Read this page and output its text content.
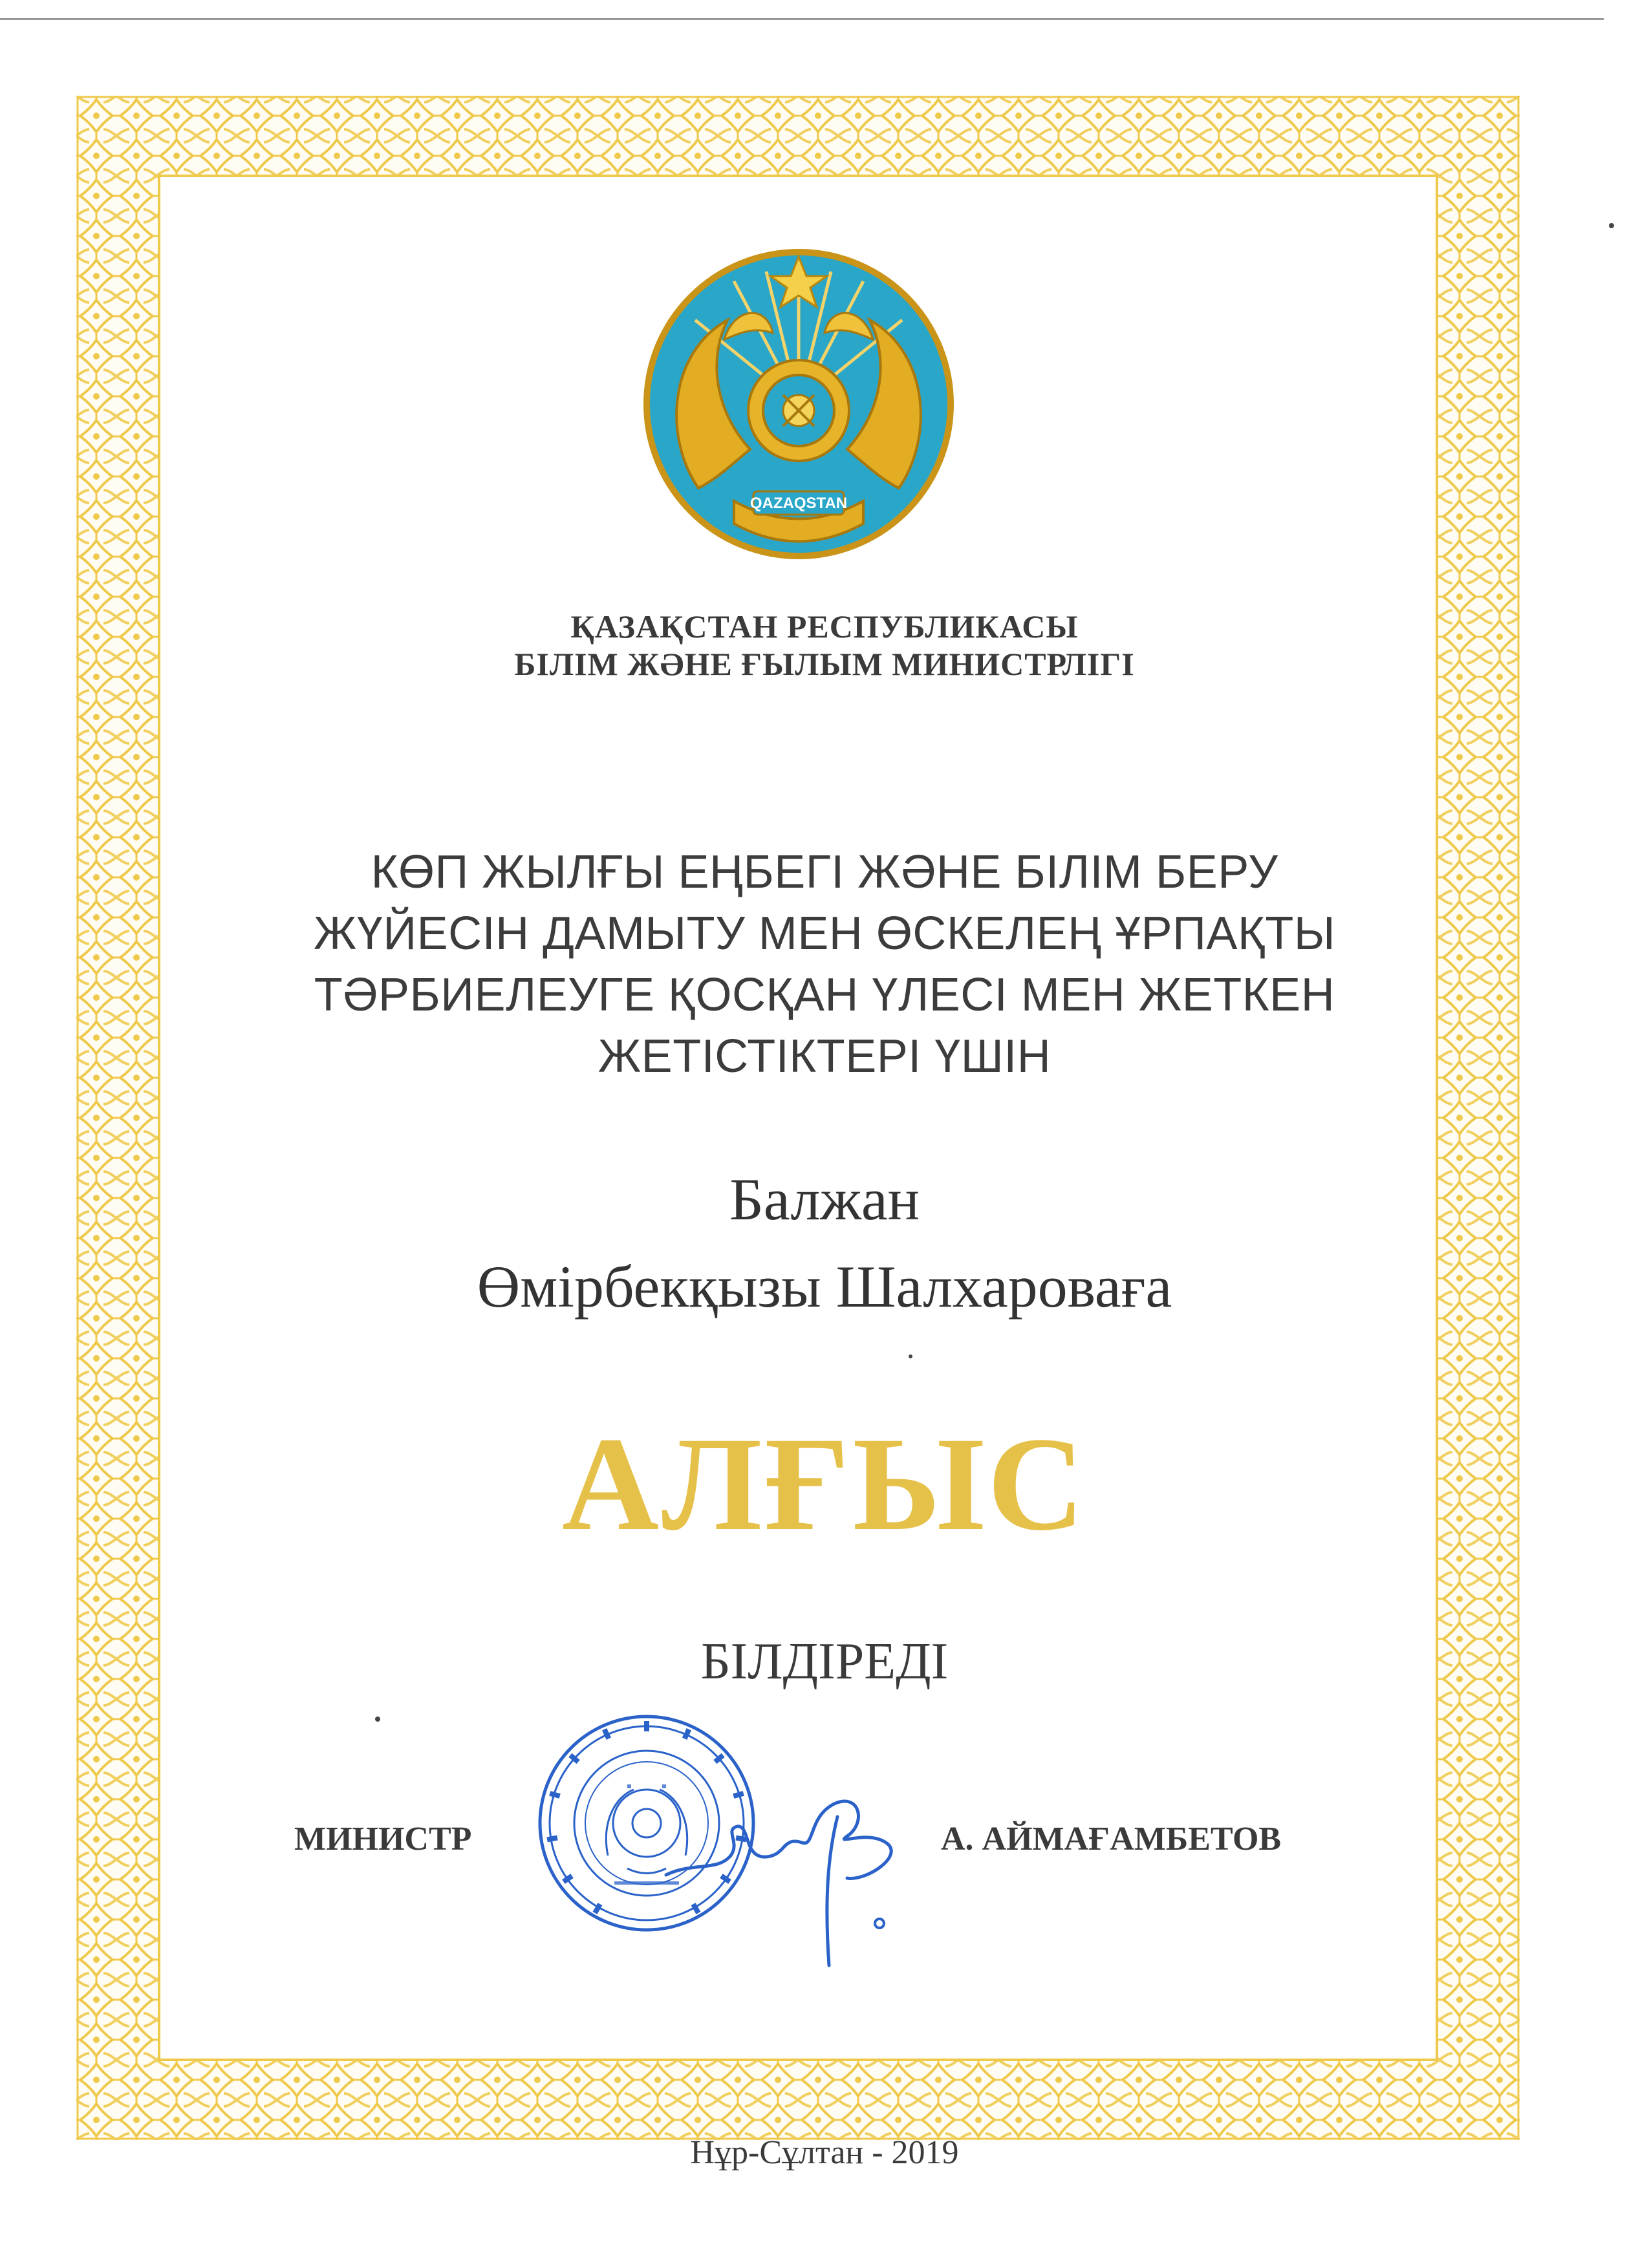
QAZAQSTAN
ҚАЗАҚСТАН РЕСПУБЛИКАСЫ
БІЛІМ ЖӘНЕ ҒЫЛЫМ МИНИСТРЛІГІ
КӨП ЖЫЛҒЫ ЕҢБЕГІ ЖӘНЕ БІЛІМ БЕРУ
ЖҮЙЕСІН ДАМЫТУ МЕН ӨСКЕЛЕҢ ҰРПАҚТЫ
ТӘРБИЕЛЕУГЕ ҚОСҚАН ҮЛЕСІ МЕН ЖЕТКЕН
ЖЕТІСТІКТЕРІ ҮШІН
Балжан
Өмірбекқызы Шалхароваға
АЛҒЫС
БІЛДІРЕДІ
МИНИСТР	А. АЙМАҒАМБЕТОВ
Нұр-Сұлтан - 2019
